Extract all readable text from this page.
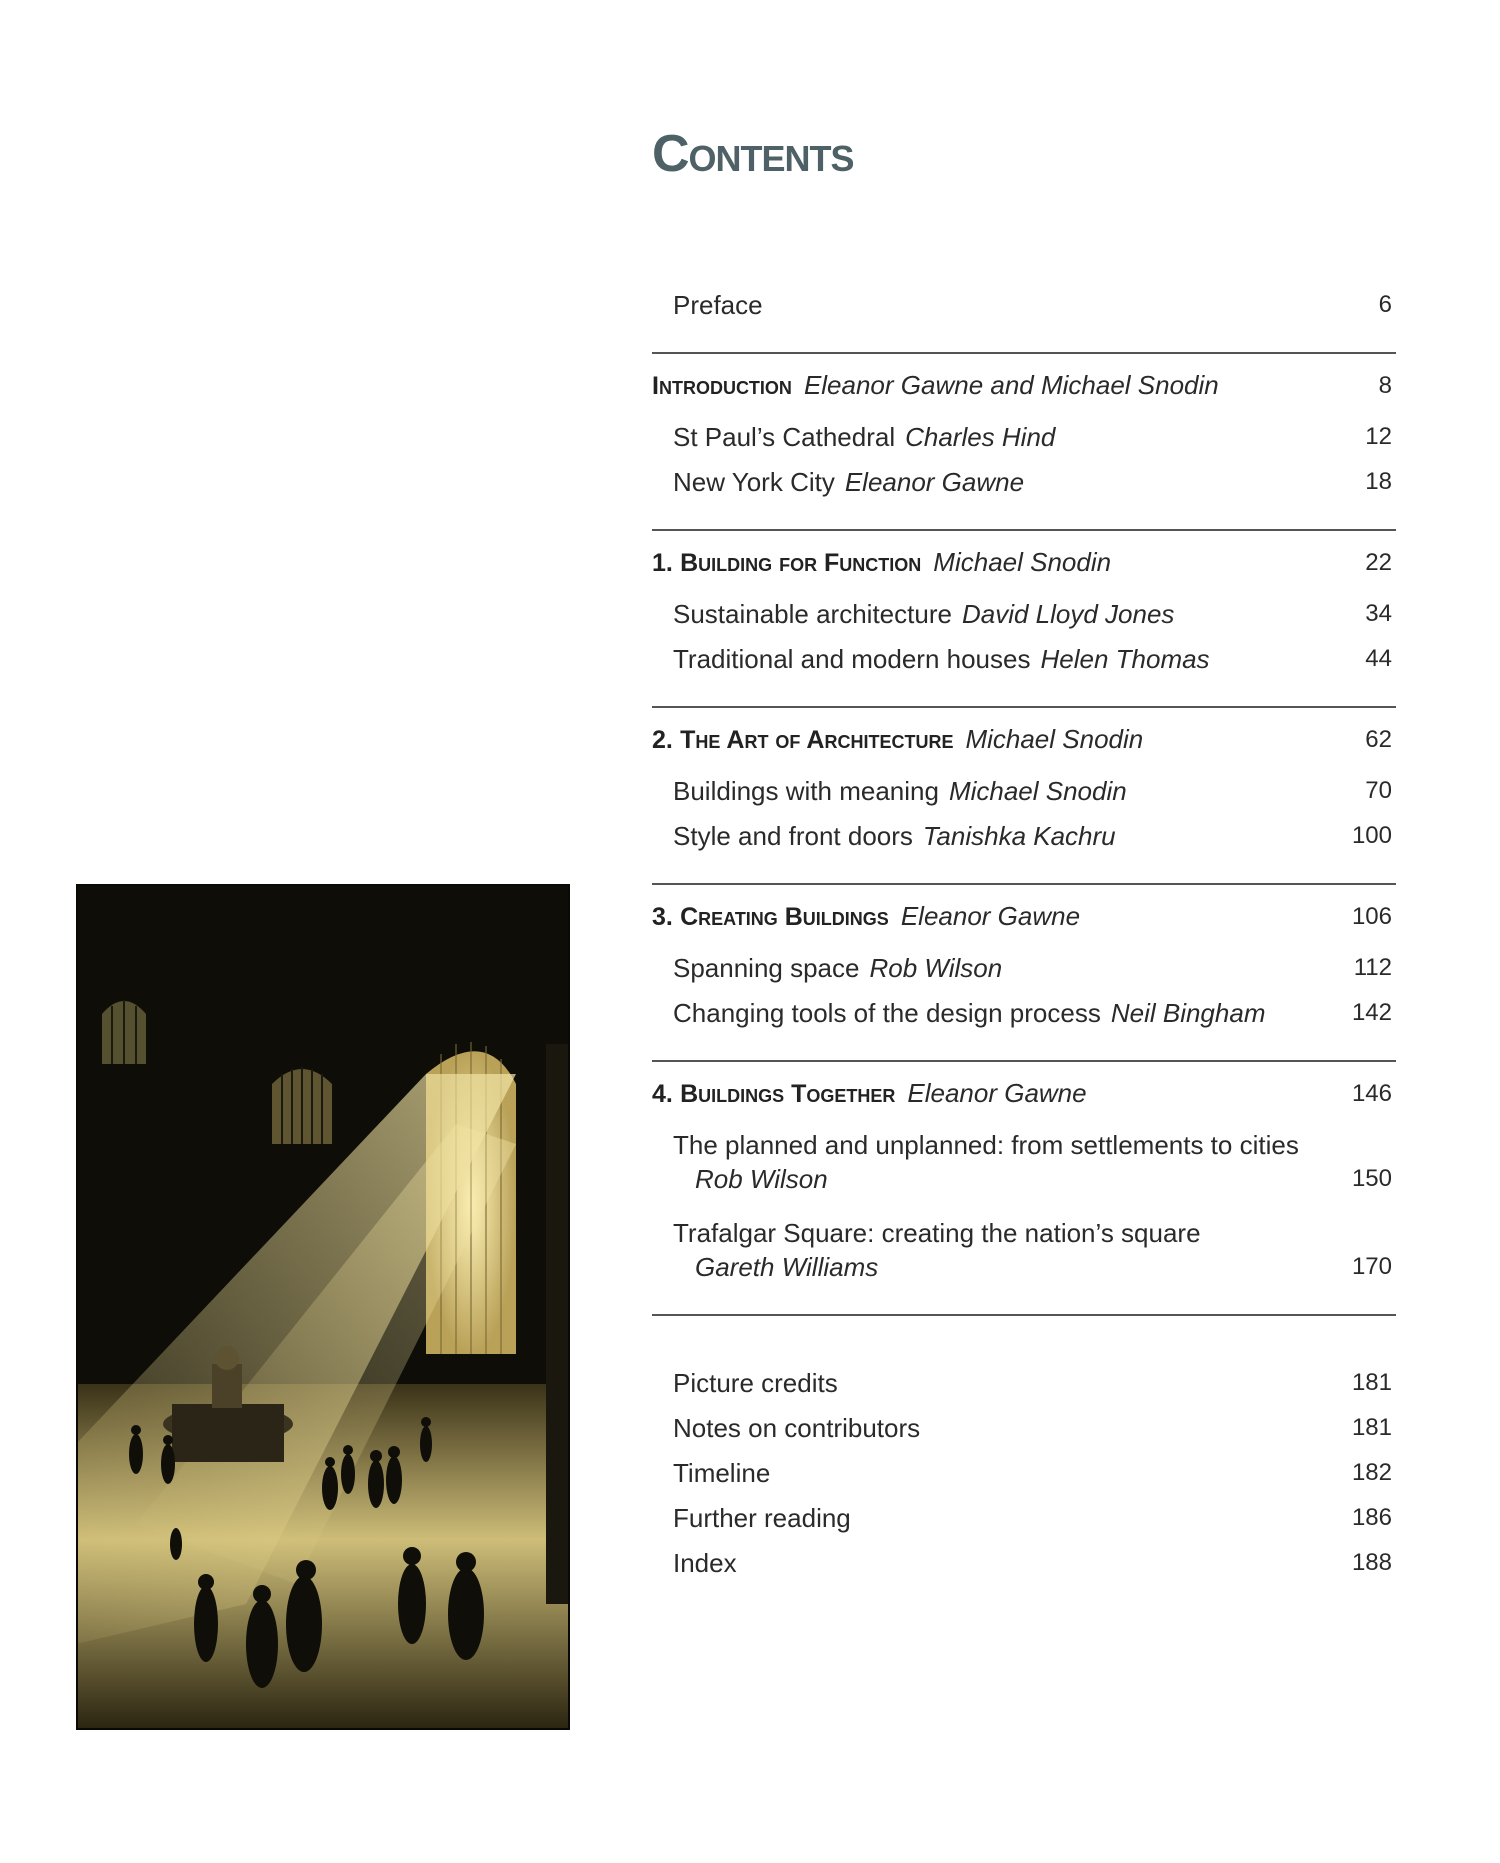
Contents
Preface	6
Introduction Eleanor Gawne and Michael Snodin	8
St Paul’s Cathedral Charles Hind	12
New York City Eleanor Gawne	18
1. Building for Function Michael Snodin	22
Sustainable architecture David Lloyd Jones	34
Traditional and modern houses Helen Thomas	44
2. The Art of Architecture Michael Snodin	62
Buildings with meaning Michael Snodin	70
Style and front doors Tanishka Kachru	100
3. Creating Buildings Eleanor Gawne	106
Spanning space Rob Wilson	112
Changing tools of the design process Neil Bingham	142
4. Buildings Together Eleanor Gawne	146
The planned and unplanned: from settlements to cities
Rob Wilson	150
Trafalgar Square: creating the nation’s square
Gareth Williams	170
Picture credits	181
Notes on contributors	181
Timeline	182
Further reading	186
Index	188
